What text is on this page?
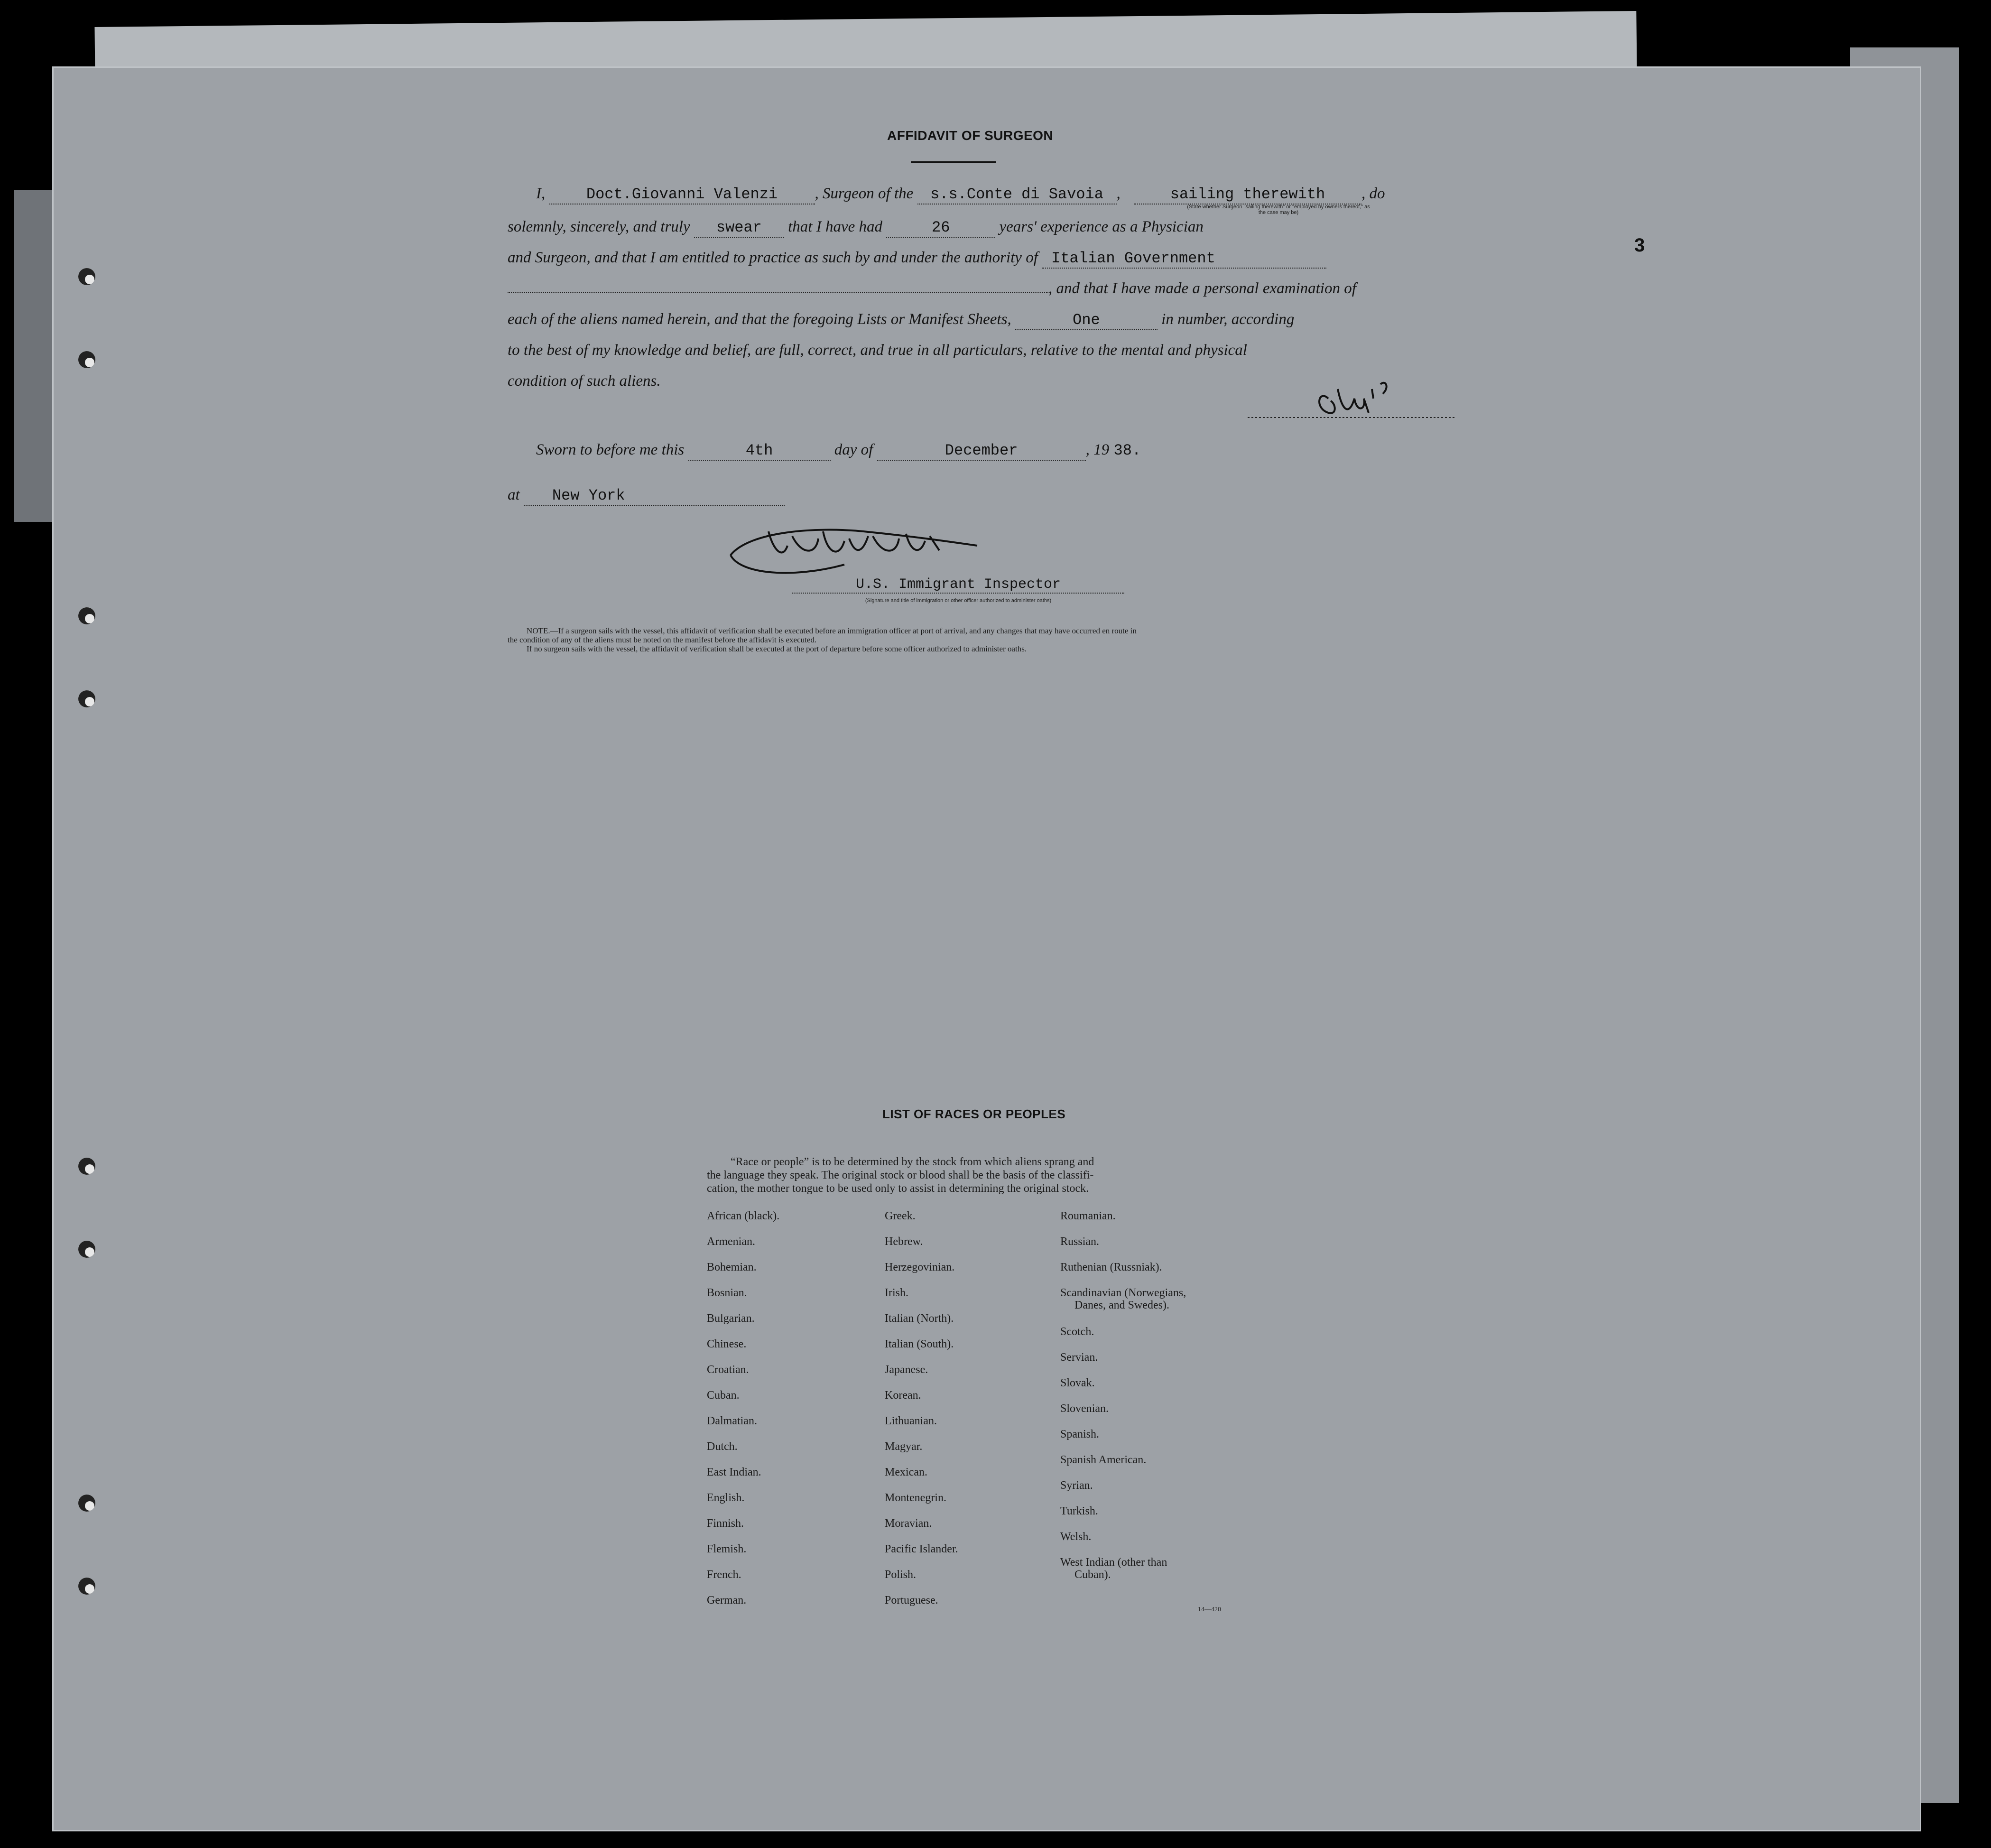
3
AFFIDAVIT OF SURGEON
I,	Doct.Giovanni Valenzi , Surgeon of the s.s.Conte di Savoia ,	sailing therewith , do
(State whether Surgeon "sailing therewith" or "employed by owners thereof," as the case may be)
solemnly, sincerely, and truly swear that I have had	26	years' experience as a Physician
and Surgeon, and that I am entitled to practice as such by and under the authority of Italian Government
, and that I have made a personal examination of
each of the aliens named herein, and that the foregoing Lists or Manifest Sheets,	One	in number, according
to the best of my knowledge and belief, are full, correct, and true in all particulars, relative to the mental and physical
condition of such aliens.
Sworn to before me this	4th	day of	December	, 19 38.
at New York
U.S. Immigrant Inspector
(Signature and title of immigration or other officer authorized to administer oaths)
NOTE.—If a surgeon sails with the vessel, this affidavit of verification shall be executed before an immigration officer at port of arrival, and any changes that may have occurred en route in
the condition of any of the aliens must be noted on the manifest before the affidavit is executed.
If no surgeon sails with the vessel, the affidavit of verification shall be executed at the port of departure before some officer authorized to administer oaths.
LIST OF RACES OR PEOPLES
“Race or people” is to be determined by the stock from which aliens sprang and
the language they speak. The original stock or blood shall be the basis of the classifi-
cation, the mother tongue to be used only to assist in determining the original stock.
African (black).
Armenian.
Bohemian.
Bosnian.
Bulgarian.
Chinese.
Croatian.
Cuban.
Dalmatian.
Dutch.
East Indian.
English.
Finnish.
Flemish.
French.
German.
Greek.
Hebrew.
Herzegovinian.
Irish.
Italian (North).
Italian (South).
Japanese.
Korean.
Lithuanian.
Magyar.
Mexican.
Montenegrin.
Moravian.
Pacific Islander.
Polish.
Portuguese.
Roumanian.
Russian.
Ruthenian (Russniak).
Scandinavian (Norwegians,
Danes, and Swedes).
Scotch.
Servian.
Slovak.
Slovenian.
Spanish.
Spanish American.
Syrian.
Turkish.
Welsh.
West Indian (other than
Cuban).
14—420
